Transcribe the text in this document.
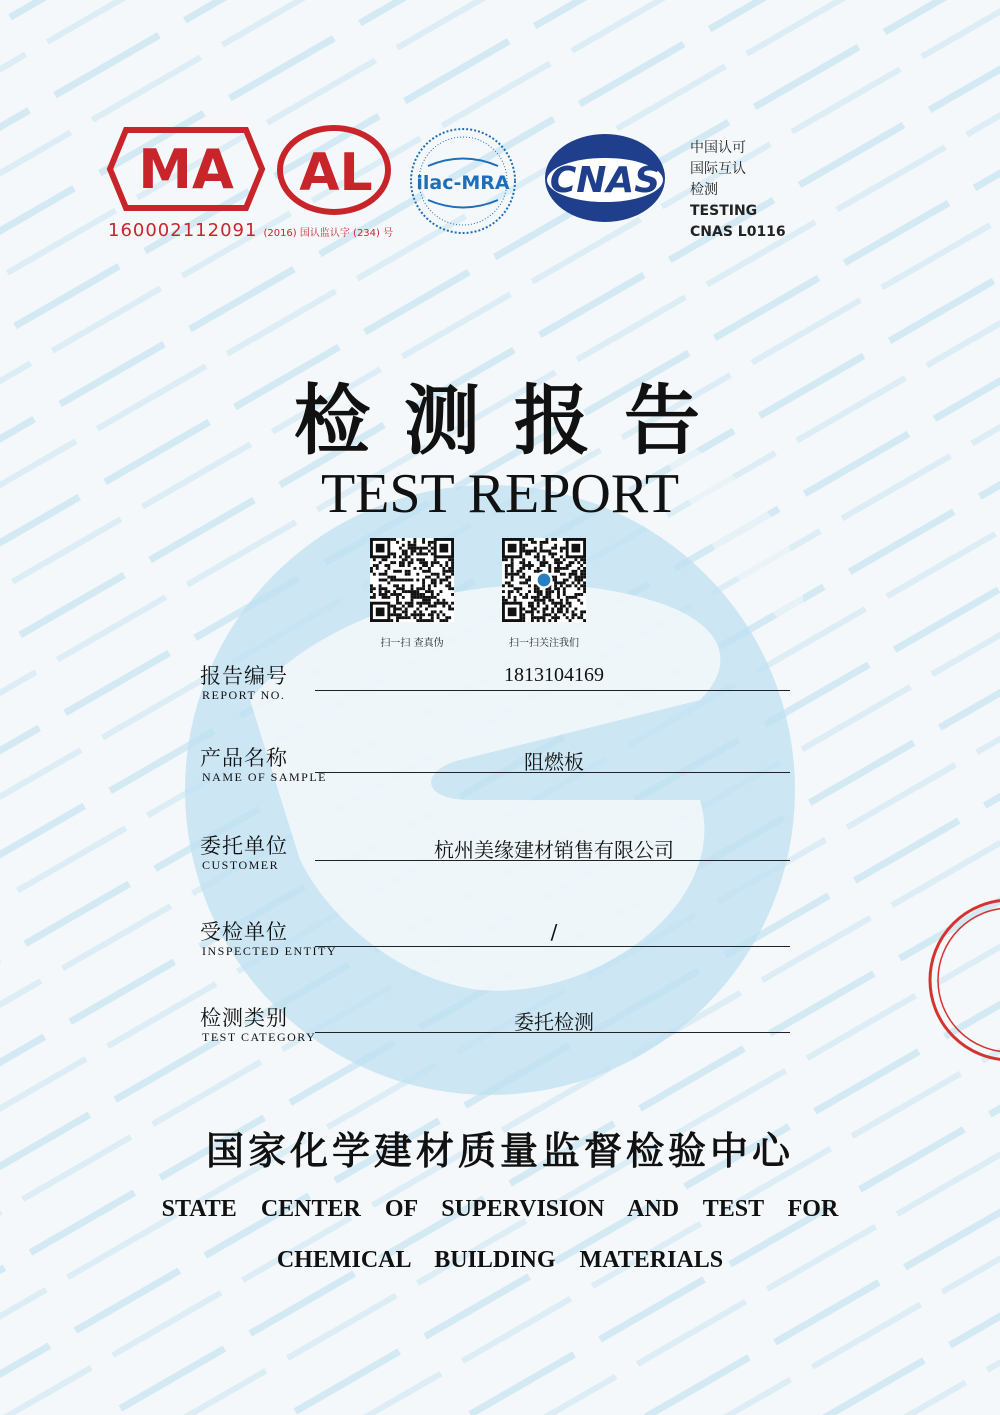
MA AL ilac-MRA CNAS
中国认可
国际互认
检测
TESTING
CNAS L0116
160002112091 (2016) 国认监认字 (234) 号
检测报告
TEST REPORT
扫一扫 查真伪	扫一扫关注我们
报告编号
REPORT NO.
1813104169
产品名称
NAME OF SAMPLE
阻燃板
委托单位
CUSTOMER
杭州美缘建材销售有限公司
受检单位
INSPECTED ENTITY
/
检测类别
TEST CATEGORY
委托检测
国家化学建材质量监督检验中心
STATE CENTER OF SUPERVISION AND TEST FOR
CHEMICAL BUILDING MATERIALS
